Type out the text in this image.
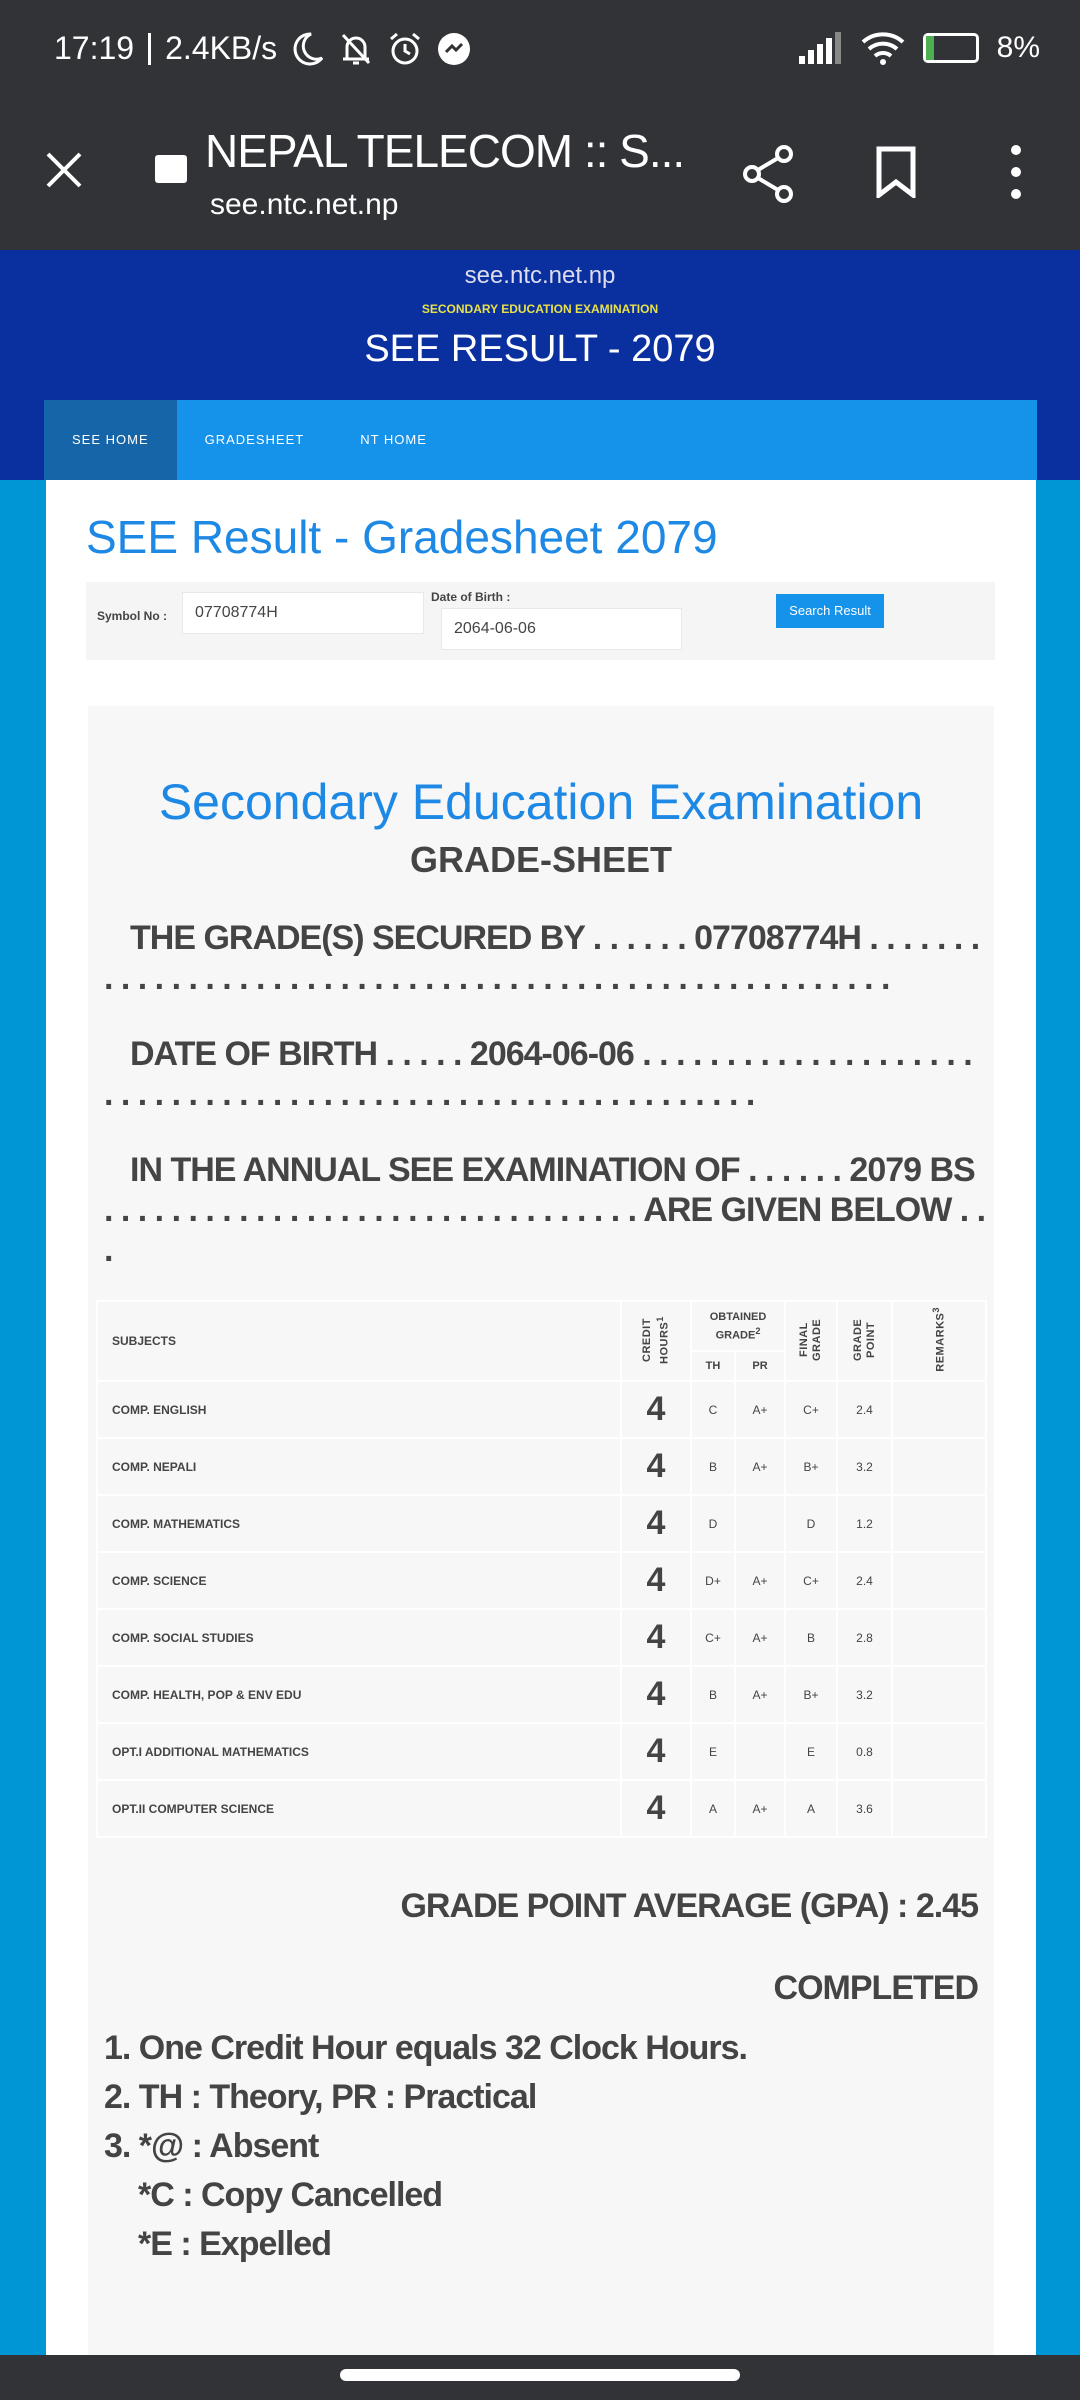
17:19 2.4KB/s	8%
NEPAL TELECOM :: S...
see.ntc.net.np
see.ntc.net.np
SECONDARY EDUCATION EXAMINATION
SEE RESULT - 2079
SEE HOME	GRADESHEET	NT HOME
SEE Result - Gradesheet 2079
Symbol No : 07708774H
Date of Birth :
2064-06-06
Search Result
Secondary Education Examination
GRADE-SHEET
THE GRADE(S) SECURED BY . . . . . . 07708774H . . . . . . . . . . . . . . . . . . . . . . . . . . . . . . . . . . . . . . . . . . . . . . . . . . . . . .
DATE OF BIRTH . . . . . 2064-06-06 . . . . . . . . . . . . . . . . . . . . . . . . . . . . . . . . . . . . . . . . . . . . . . . . . . . . . . . . . . .
IN THE ANNUAL SEE EXAMINATION OF . . . . . . 2079 BS . . . . . . . . . . . . . . . . . . . . . . . . . . . . . . . . ARE GIVEN BELOW . . .
SUBJECTS	CREDIT HOURS$^1$	OBTAINED GRADE$^2$		FINAL GRADE	GRADE POINT	REMARKS$^3$
		TH	PR			
COMP. ENGLISH	4	C	A+	C+	2.4	
COMP. NEPALI	4	B	A+	B+	3.2	
COMP. MATHEMATICS	4	D		D	1.2	
COMP. SCIENCE	4	D+	A+	C+	2.4	
COMP. SOCIAL STUDIES	4	C+	A+	B	2.8	
COMP. HEALTH, POP & ENV EDU	4	B	A+	B+	3.2	
OPT.I ADDITIONAL MATHEMATICS	4	E		E	0.8	
OPT.II COMPUTER SCIENCE	4	A	A+	A	3.6	
GRADE POINT AVERAGE (GPA) : 2.45
COMPLETED
1. One Credit Hour equals 32 Clock Hours.
2. TH : Theory, PR : Practical
3. *@ : Absent
*C : Copy Cancelled
*E : Expelled
